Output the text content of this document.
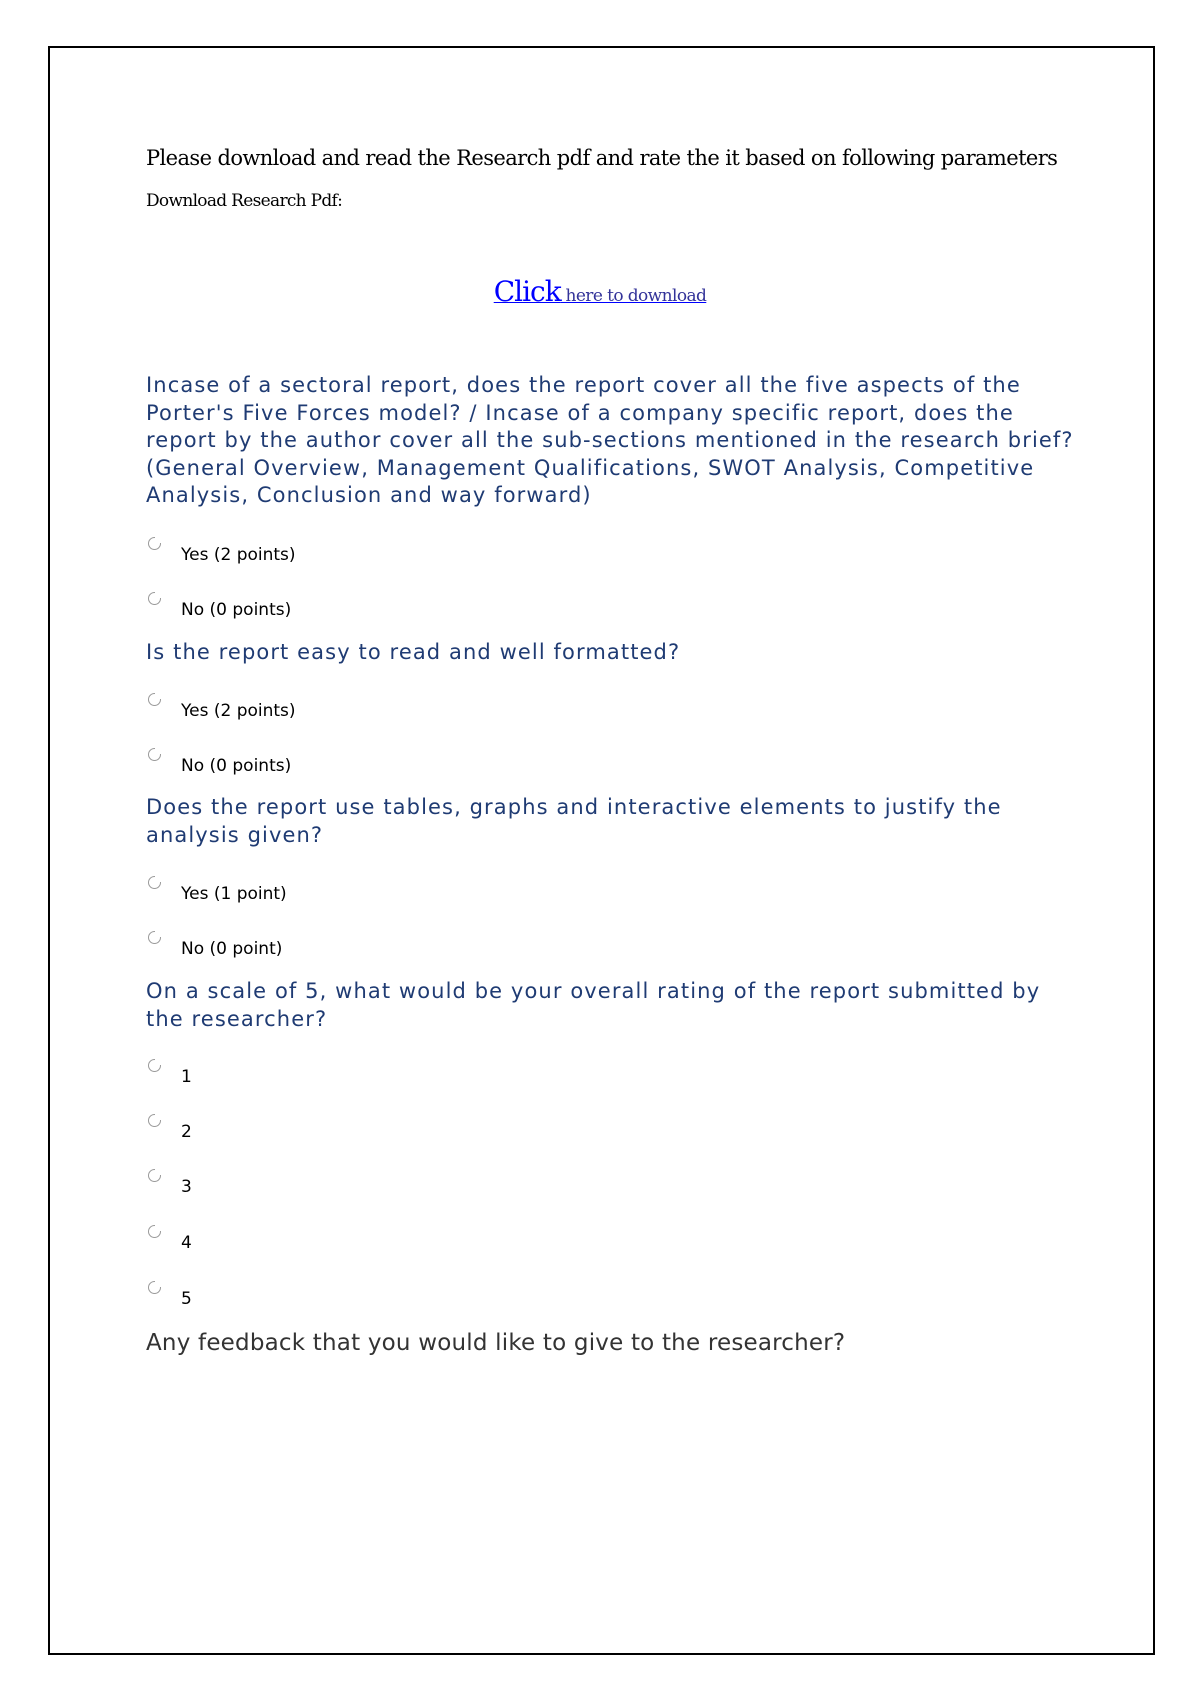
Please download and read the Research pdf and rate the it based on following parameters

Download Research Pdf:

Click here to download
Incase of a sectoral report, does the report cover all the five aspects of the Porter's Five Forces model? / Incase of a company specific report, does the report by the author cover all the sub-sections mentioned in the research brief? (General Overview, Management Qualifications, SWOT Analysis, Competitive Analysis, Conclusion and way forward)
Yes (2 points)
No (0 points)
Is the report easy to read and well formatted?
Yes (2 points)
No (0 points)
Does the report use tables, graphs and interactive elements to justify the analysis given?
Yes (1 point)
No (0 point)
On a scale of 5, what would be your overall rating of the report submitted by the researcher?
1
2
3
4
5

Any feedback that you would like to give to the researcher?
